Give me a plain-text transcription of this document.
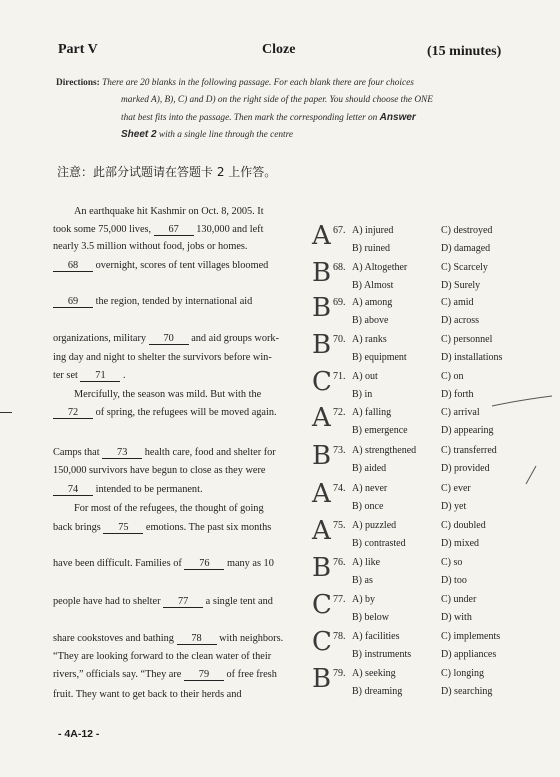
Part V	Cloze	(15 minutes)
Directions: There are 20 blanks in the following passage. For each blank there are four choices
marked A), B), C) and D) on the right side of the paper. You should choose the ONE
that best fits into the passage. Then mark the corresponding letter on Answer
Sheet 2 with a single line through the centre
注意：此部分试题请在答题卡 2 上作答。
An earthquake hit Kashmir on Oct. 8, 2005. It
took some 75,000 lives, 67 130,000 and left
nearly 3.5 million without food, jobs or homes.
68 overnight, scores of tent villages bloomed
69 the region, tended by international aid
organizations, military 70 and aid groups work-
ing day and night to shelter the survivors before win-
ter set 71 .
Mercifully, the season was mild. But with the
72 of spring, the refugees will be moved again.
Camps that 73 health care, food and shelter for
150,000 survivors have begun to close as they were
74 intended to be permanent.
For most of the refugees, the thought of going
back brings 75 emotions. The past six months
have been difficult. Families of 76 many as 10
people have had to shelter 77 a single tent and
share cookstoves and bathing 78 with neighbors.
“They are looking forward to the clean water of their
rivers,” officials say. “They are 79 of free fresh
fruit. They want to get back to their herds and
A 67. A) injured
B) ruined
C) destroyed
D) damaged
B 68. A) Altogether
B) Almost
C) Scarcely
D) Surely
B 69. A) among
B) above
C) amid
D) across
B 70. A) ranks
B) equipment
C) personnel
D) installations
C 71. A) out
B) in
C) on
D) forth
A 72. A) falling
B) emergence
C) arrival
D) appearing
B 73. A) strengthened
B) aided
C) transferred
D) provided
A 74. A) never
B) once
C) ever
D) yet
A 75. A) puzzled
B) contrasted
C) doubled
D) mixed
B 76. A) like
B) as
C) so
D) too
C 77. A) by
B) below
C) under
D) with
C 78. A) facilities
B) instruments
C) implements
D) appliances
B 79. A) seeking
B) dreaming
C) longing
D) searching
- 4A-12 -
